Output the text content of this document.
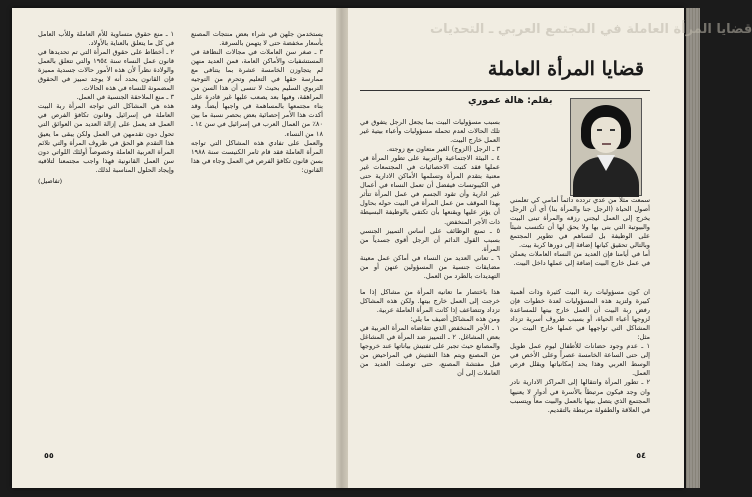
يستخدمن جلهن في شراء بعض منتجات المصنع بأسعار مخفضة حتى لا يتهمن بالسرقة.

٣ ـ صغر سن العاملات في مجالات النظافة في المستشفيات والأماكن العامة، فمن العديد منهن لم يتجاوزن الخامسة عشرة بما يتنافى مع ممارسة حقها في التعليم وتحرم من التوجيه التربوي السليم بحيث لا تنسى أن هذا السن من المراهقة، وفيها بعد يصعب عليها غير قادرة على بناء مجتمعها بالمساهمة في واجبها أيضاً. وقد أكدت هذا الأمر إحصائية بعض بحصر نسبة ما بين ٨٠٪ من العمال العرب في إسرائيل في سن ١٤ ـ ١٨ من النساء.

والعمل على تفادي هذه المشاكل التي تواجه المرأة العاملة فقد قام ثامر الكنيست سنة ١٩٨٨ بسن قانون تكافؤ الفرص في العمل وجاء في هذا القانون:

١ ـ منع حقوق متساوية للأم العاملة وللأب العامل في كل ما يتعلق بالعناية بالأولاد.

٢ ـ أخطاط على حقوق المرأة التي تم تحديدها في قانون عمل النساء سنة ١٩٥٤ والتي تتعلق بالعمل والولادة نظراً لأن هذه الأمور حالات جسدية مميزة فإن القانون يحدد أنه لا يوجد تمييز في الحقوق المضمونة للنساء في هذه الحالات.

٣ ـ منع الملاحقة الجنسية في العمل.

هذه هي المشاكل التي تواجه المرأة ربة البيت العاملة في إسرائيل وقانون تكافؤ الفرص في العمل قد يعمل على إزالة العديد من العوائق التي تحول دون تقدمهن في العمل ولكن يبقى ما يعيق هذا التقدم هو الحق في ظروف المرأة والتي تلائم المرأة العربية العاملة وخصوصاً أولئك اللواتي دون سن العمل القانونية فهذا واجب مجتمعنا لتلافيه وإيجاد الحلول المناسبة لذلك.

(تفاصيل)
٥٥
قضايا المرأة العاملة في المجتمع العربي ـ التحديات
قضايا المرأة العاملة
بقلم: هالة عموري

بسبب مسؤوليات البيت بما يجعل الرجل يتفوق في تلك الحالات لعدم تحمله مسؤوليات وأعباء بيتية غير العمل خارج البيت.

٣ ـ الرجل (الزوج) الغير متعاون مع زوجته.

٤ ـ البيئة الاجتماعية والتربية على تطور المرأة في عملها فقد كتبت الاحصائيات في المجتمعات غير معنية بتقدم المرأة وتسلمها الأماكن الادارية حتى في الكيبوتسات فيفضل أن تعمل النساء في أعمال غير ادارية وأن تقود الجسم في عمل المرأة تتأثر بهذا الموقف من عمل المرأة في البيت حوله بحاول أن يؤثر عليها ويقنعها بأن تكتفي بالوظيفة البسيطة ذات الأجر المنخفض.

٥ ـ تمنع الوظائف على أساس التمييز الجنسي بسبب القول الدائم أن الرجل أقوى جسدياً من المرأة.

٦ ـ تعاني العديد من النساء في أماكن عمل معينة مضايقات جنسية من المسؤولين عنهن أو من التهديدات بالطرد من العمل.

سمعت مثلاً من عدي تردده دائماً أمامي كي تعلمني أصول الحياة (الرجل جنا والمرأة بنا) أي أن الرجل يخرج إلى العمل ليجني رزقه والمرأة تبنى البيت والبيوتية التي بنى بها ولا يحق لها أن تكتسب شيئاً على الوظيفة بل لتساهم في تطوير المجتمع وبالتالي تحقيق كيانها إضافة إلى دورها كربة بيت.

أما في أيامنا فإن العديد من النساء العاملات يعملن في عمل خارج البيت إضافة إلى عملها داخل البيت.

ان كون مسؤوليات ربة البيت كثيرة وذات أهمية كبيرة ولتزيد هذه المسؤوليات لعدة خطوات فإن رفض ربة البيت أن العمل خارج بيتها للمساعدة لزوجها أعباء الحياة، أو بسبب ظروف أسرية تزداد المشاكل التي تواجهها في عملها خارج البيت من مثل:

١ ـ عدم وجود حضانات للأطفال ليوم عمل طويل إلى حتى الساعة الخامسة عصراً وعلى الأخص في الوسط العربي وهذا يحد إمكانياتها ويقلل فرص العمل.

٢ ـ تطور المرأة وانتقالها إلى المراكز الادارية نادر وان وجد فيكون مرتبطاً بالأسرة في أدوار لا يعنيها المجتمع الذي يتصل بيتها بالعمل والبيت معاً ويتسبب في العلاقة والطفولة مرتبطة بالتقديم.

هذا باختصار ما تعانيه المرأة من مشاكل إذا ما خرجت إلى العمل خارج بيتها. ولكن هذه المشاكل تزداد وتتضاعف إذا كانت المرأة العاملة عربية.

ومن هذه المشاكل أضيف ما يلي:

١ ـ الأجر المنخفض الذي تتقاضاه المرأة العربية في بعض المشاغل. ٢ ـ التمييز ضد المرأة في المشاغل والمصانع حيث تجبر على تفتيش بياناتها عند خروجها من المصنع ويتم هذا التفتيش في المراحيض من قبل مفتشة المصنع، حتى توصلت العديد من العاملات إلى أن

٥٤
